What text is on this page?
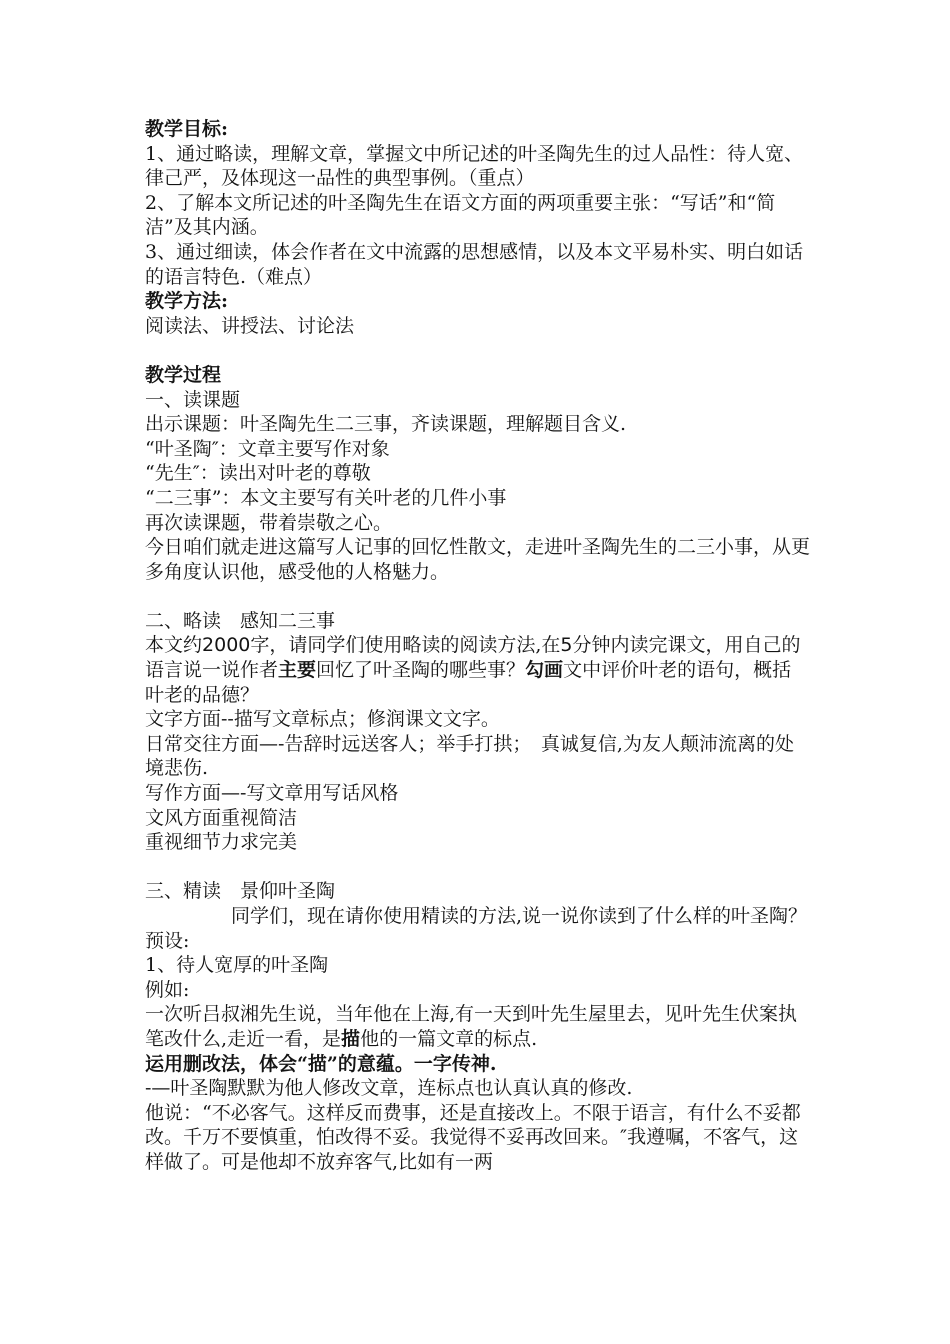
教学目标:

1、通过略读，理解文章，掌握文中所记述的叶圣陶先生的过人品性：待人宽、律己严，及体现这一品性的典型事例。（重点）

2、了解本文所记述的叶圣陶先生在语文方面的两项重要主张：“写话”和“简洁”及其内涵。

3、通过细读，体会作者在文中流露的思想感情，以及本文平易朴实、明白如话的语言特色.（难点）

教学方法:

阅读法、讲授法、讨论法

教学过程

一、读课题

出示课题：叶圣陶先生二三事，齐读课题，理解题目含义.

“叶圣陶″：文章主要写作对象

“先生″：读出对叶老的尊敬

“二三事”：本文主要写有关叶老的几件小事

再次读课题，带着崇敬之心。

今日咱们就走进这篇写人记事的回忆性散文，走进叶圣陶先生的二三小事，从更多角度认识他，感受他的人格魅力。

二、略读　感知二三事

本文约2000字，请同学们使用略读的阅读方法,在5分钟内读完课文，用自己的语言说一说作者主要回忆了叶圣陶的哪些事？勾画文中评价叶老的语句，概括叶老的品德？

文字方面--描写文章标点；修润课文文字。

日常交往方面—-告辞时远送客人；举手打拱；　真诚复信,为友人颠沛流离的处境悲伤.

写作方面—-写文章用写话风格

文风方面重视简洁

重视细节力求完美

三、精读　景仰叶圣陶

同学们，现在请你使用精读的方法,说一说你读到了什么样的叶圣陶？

预设:

1、待人宽厚的叶圣陶

例如:

一次听吕叔湘先生说，当年他在上海,有一天到叶先生屋里去，见叶先生伏案执笔改什么,走近一看，是描他的一篇文章的标点.

运用删改法，体会“描”的意蕴。一字传神.

-—叶圣陶默默为他人修改文章，连标点也认真认真的修改.

他说：“不必客气。这样反而费事，还是直接改上。不限于语言，有什么不妥都改。千万不要慎重，怕改得不妥。我觉得不妥再改回来。″我遵嘱，不客气，这样做了。可是他却不放弃客气,比如有一两
